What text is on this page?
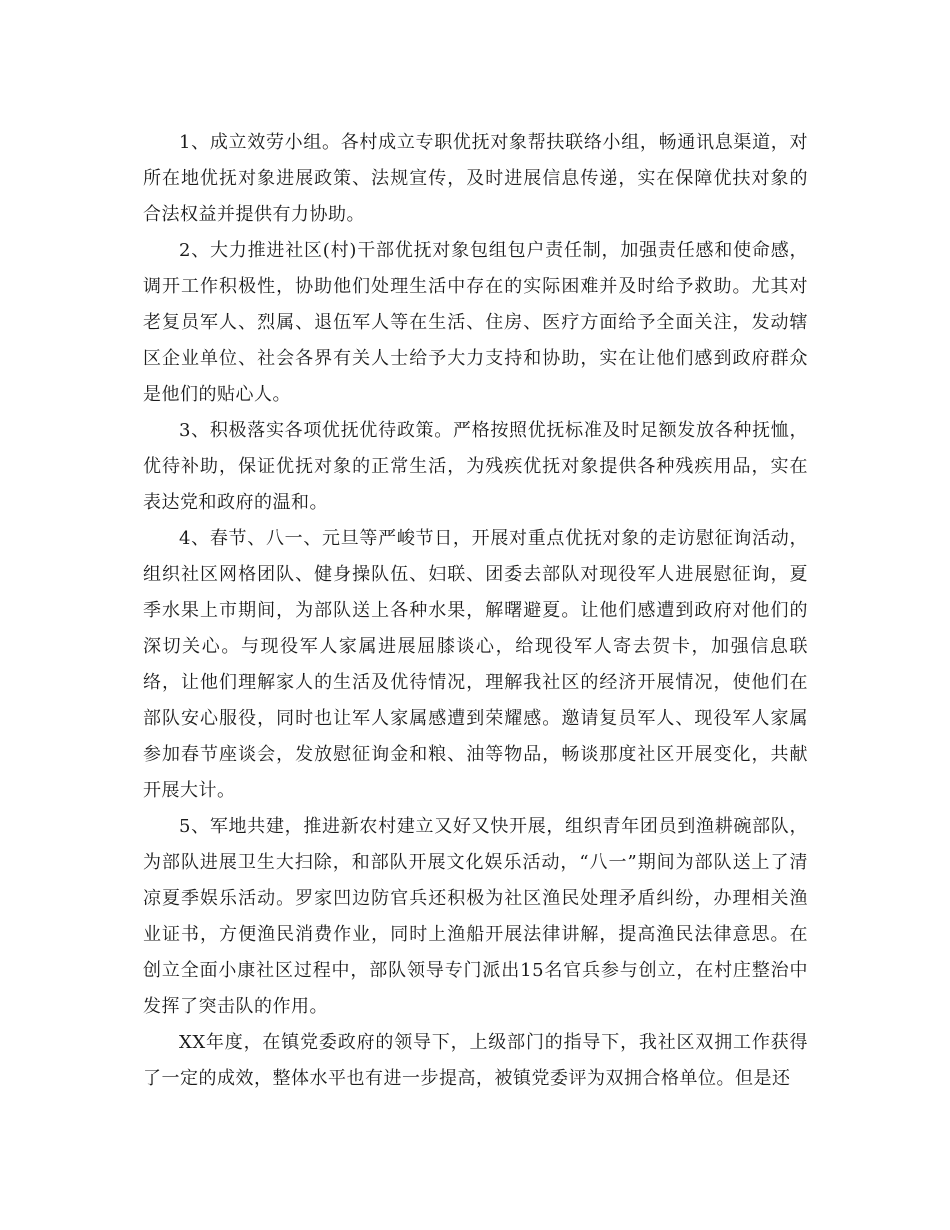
1、成立效劳小组。各村成立专职优抚对象帮扶联络小组，畅通讯息渠道，对所在地优抚对象进展政策、法规宣传，及时进展信息传递，实在保障优扶对象的合法权益并提供有力协助。

2、大力推进社区(村)干部优抚对象包组包户责任制，加强责任感和使命感，调开工作积极性，协助他们处理生活中存在的实际困难并及时给予救助。尤其对老复员军人、烈属、退伍军人等在生活、住房、医疗方面给予全面关注，发动辖区企业单位、社会各界有关人士给予大力支持和协助，实在让他们感到政府群众是他们的贴心人。

3、积极落实各项优抚优待政策。严格按照优抚标准及时足额发放各种抚恤，优待补助，保证优抚对象的正常生活，为残疾优抚对象提供各种残疾用品，实在表达党和政府的温和。

4、春节、八一、元旦等严峻节日，开展对重点优抚对象的走访慰征询活动，组织社区网格团队、健身操队伍、妇联、团委去部队对现役军人进展慰征询，夏季水果上市期间，为部队送上各种水果，解曙避夏。让他们感遭到政府对他们的深切关心。与现役军人家属进展屈膝谈心，给现役军人寄去贺卡，加强信息联络，让他们理解家人的生活及优待情况，理解我社区的经济开展情况，使他们在部队安心服役，同时也让军人家属感遭到荣耀感。邀请复员军人、现役军人家属参加春节座谈会，发放慰征询金和粮、油等物品，畅谈那度社区开展变化，共献开展大计。

5、军地共建，推进新农村建立又好又快开展，组织青年团员到渔耕碗部队，为部队进展卫生大扫除，和部队开展文化娱乐活动，“八一”期间为部队送上了清凉夏季娱乐活动。罗家凹边防官兵还积极为社区渔民处理矛盾纠纷，办理相关渔业证书，方便渔民消费作业，同时上渔船开展法律讲解，提高渔民法律意思。在创立全面小康社区过程中，部队领导专门派出15名官兵参与创立，在村庄整治中发挥了突击队的作用。

XX年度，在镇党委政府的领导下，上级部门的指导下，我社区双拥工作获得了一定的成效，整体水平也有进一步提高，被镇党委评为双拥合格单位。但是还
